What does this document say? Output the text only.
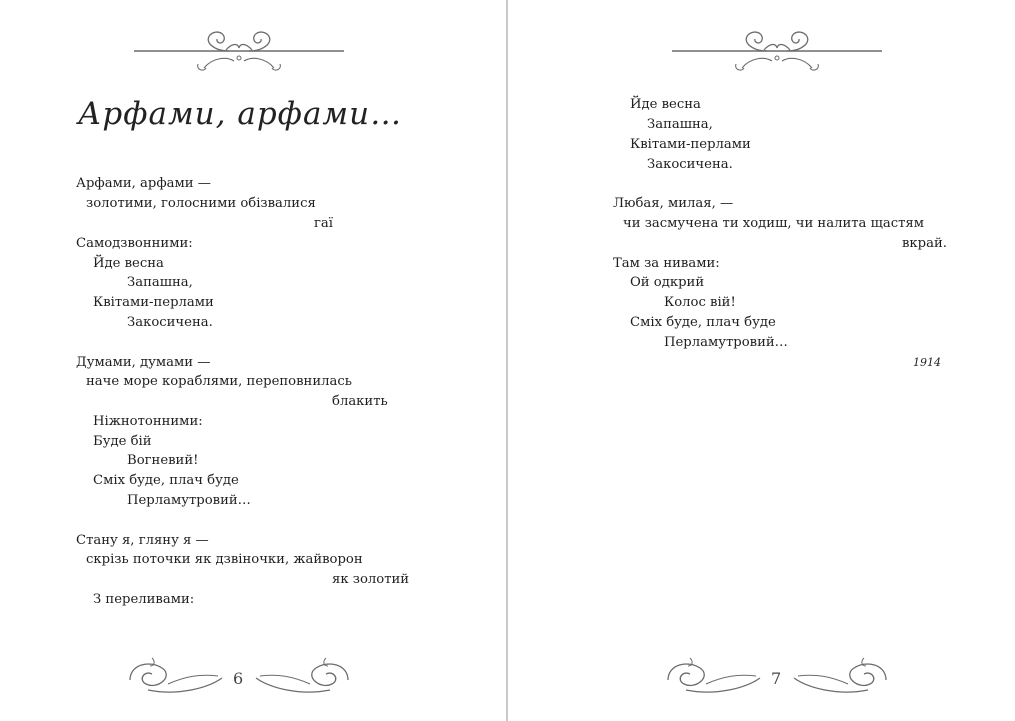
Арфами, арфами…
Арфами, арфами —
золотими, голосними обізвалися
гаї
Самодзвонними:
Йде весна
Запашна,
Квітами-перлами
Закосичена.
Думами, думами —
наче море кораблями, переповнилась
блакить
Ніжнотонними:
Буде бій
Вогневий!
Сміх буде, плач буде
Перламутровий…
Стану я, гляну я —
скрізь поточки як дзвіночки, жайворон
як золотий
З переливами:
6
Йде весна
Запашна,
Квітами-перлами
Закосичена.
Любая, милая, —
чи засмучена ти ходиш, чи налита щастям
вкрай.
Там за нивами:
Ой одкрий
Колос вій!
Сміх буде, плач буде
Перламутровий…
1914
7
